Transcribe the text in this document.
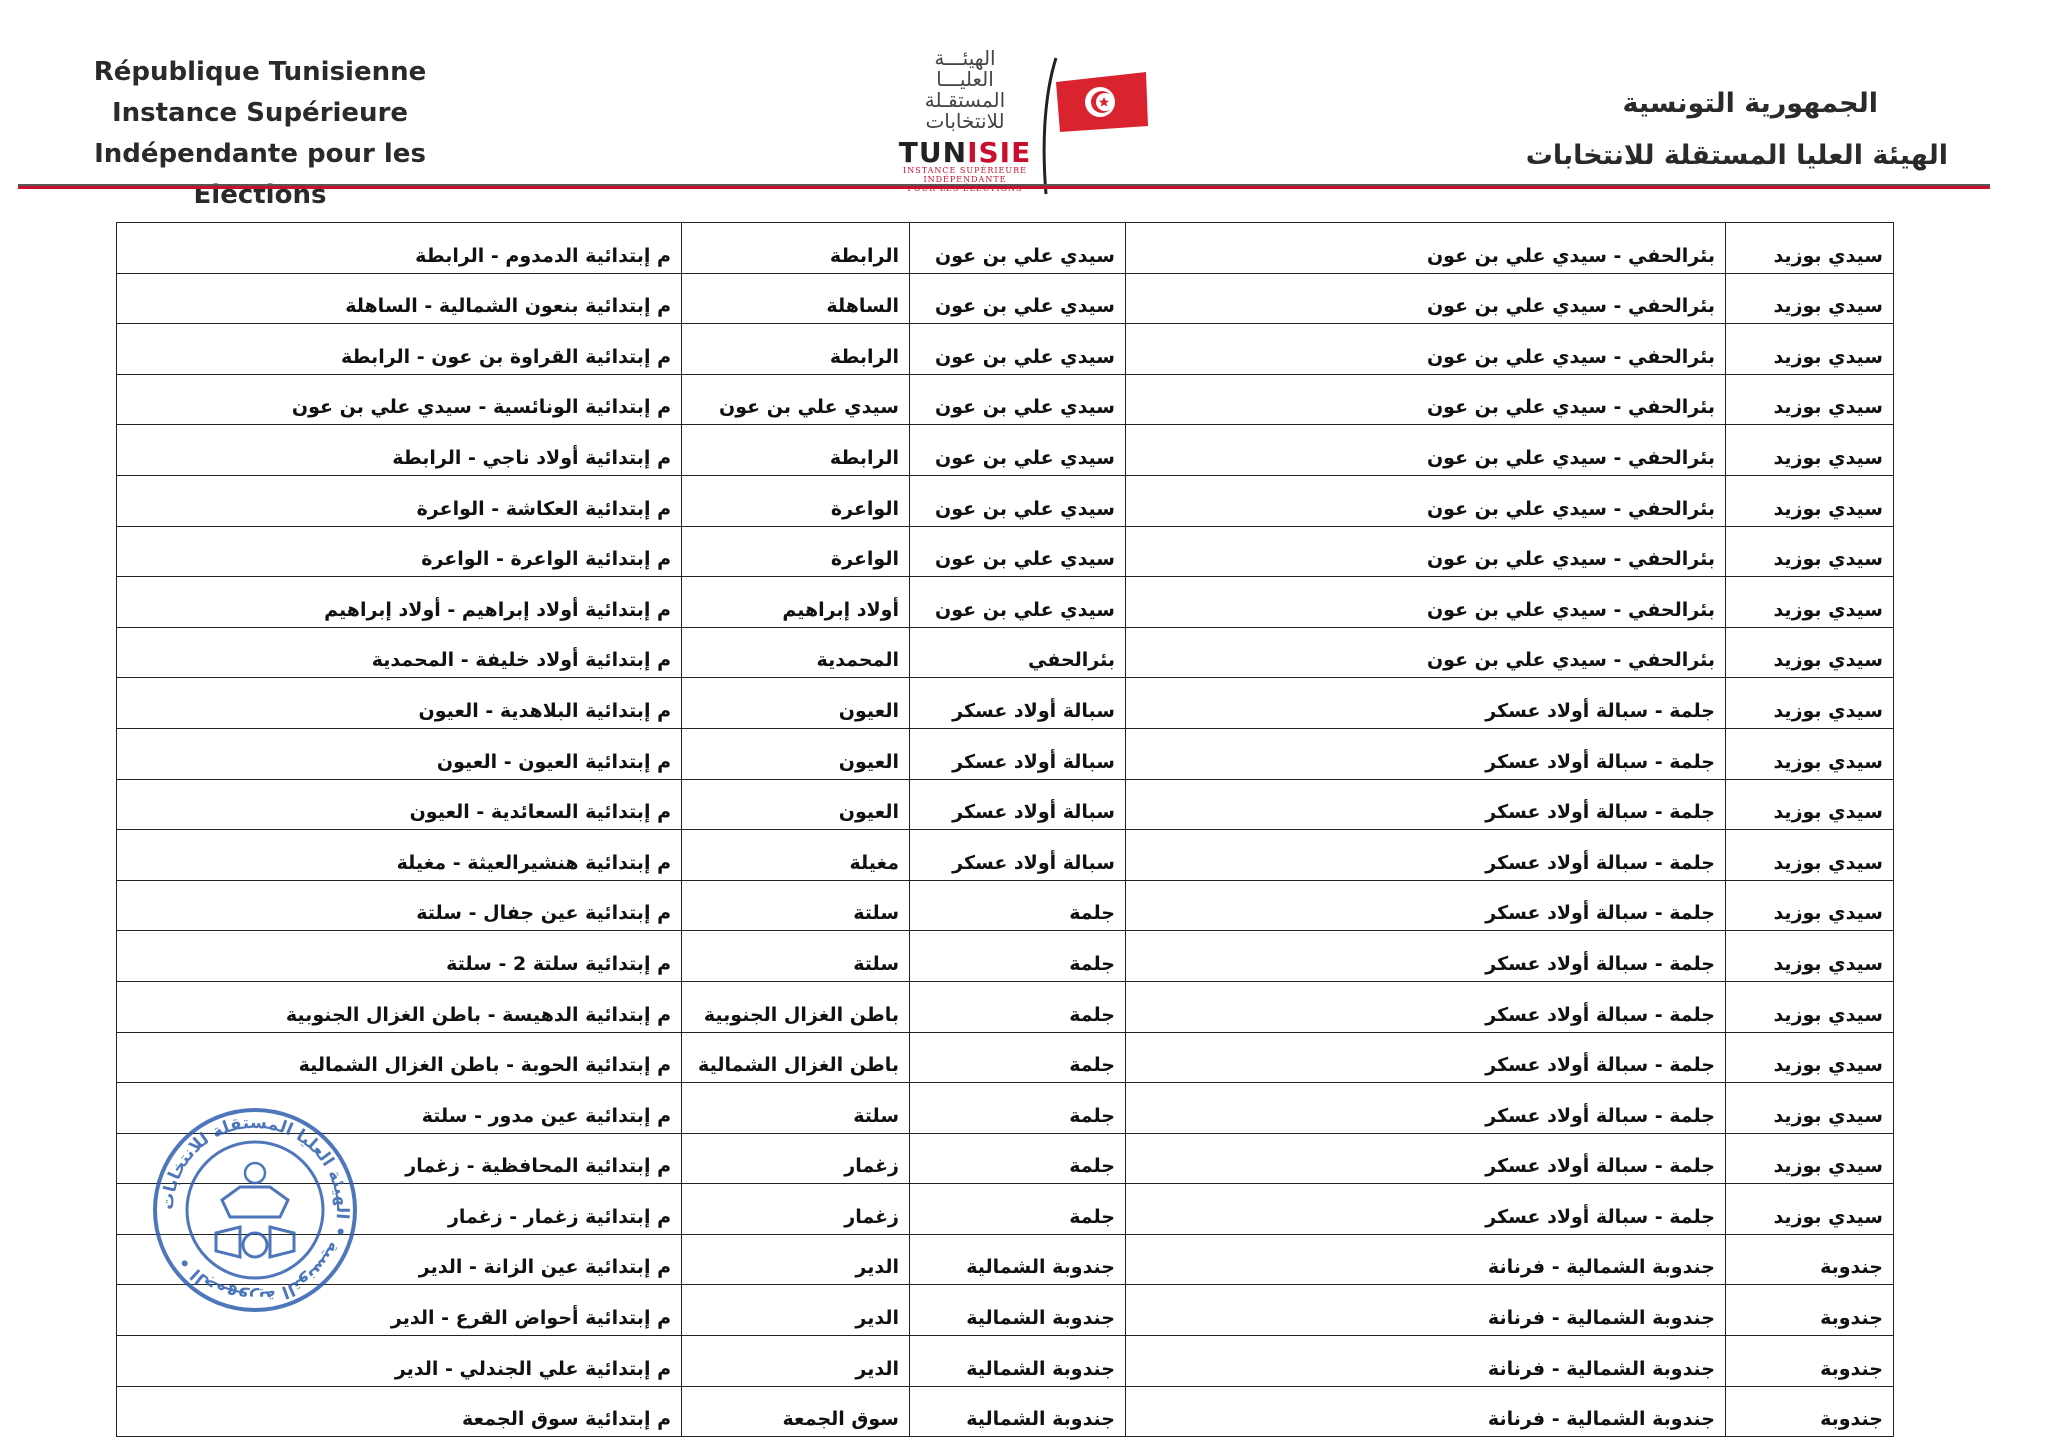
République Tunisienne
Instance Supérieure
Indépendante pour les Elections
الهيئـــة
العليـــا
المستقـلة
للانتخابات
TUNISIE
INSTANCE SUPÉRIEURE
INDÉPENDANTE
POUR LES ÉLECTIONS
الجمهورية التونسية
الهيئة العليا المستقلة للانتخابات
سيدي بوزيد	بئرالحفي - سيدي علي بن عون	سيدي علي بن عون	الرابطة	م إبتدائية الدمدوم - الرابطة
سيدي بوزيد	بئرالحفي - سيدي علي بن عون	سيدي علي بن عون	الساهلة	م إبتدائية بنعون الشمالية - الساهلة
سيدي بوزيد	بئرالحفي - سيدي علي بن عون	سيدي علي بن عون	الرابطة	م إبتدائية القراوة بن عون - الرابطة
سيدي بوزيد	بئرالحفي - سيدي علي بن عون	سيدي علي بن عون	سيدي علي بن عون	م إبتدائية الونائسية - سيدي علي بن عون
سيدي بوزيد	بئرالحفي - سيدي علي بن عون	سيدي علي بن عون	الرابطة	م إبتدائية أولاد ناجي - الرابطة
سيدي بوزيد	بئرالحفي - سيدي علي بن عون	سيدي علي بن عون	الواعرة	م إبتدائية العكاشة - الواعرة
سيدي بوزيد	بئرالحفي - سيدي علي بن عون	سيدي علي بن عون	الواعرة	م إبتدائية الواعرة - الواعرة
سيدي بوزيد	بئرالحفي - سيدي علي بن عون	سيدي علي بن عون	أولاد إبراهيم	م إبتدائية أولاد إبراهيم - أولاد إبراهيم
سيدي بوزيد	بئرالحفي - سيدي علي بن عون	بئرالحفي	المحمدية	م إبتدائية أولاد خليفة - المحمدية
سيدي بوزيد	جلمة - سبالة أولاد عسكر	سبالة أولاد عسكر	العيون	م إبتدائية البلاهدية - العيون
سيدي بوزيد	جلمة - سبالة أولاد عسكر	سبالة أولاد عسكر	العيون	م إبتدائية العيون - العيون
سيدي بوزيد	جلمة - سبالة أولاد عسكر	سبالة أولاد عسكر	العيون	م إبتدائية السعائدية - العيون
سيدي بوزيد	جلمة - سبالة أولاد عسكر	سبالة أولاد عسكر	مغيلة	م إبتدائية هنشيرالعيثة - مغيلة
سيدي بوزيد	جلمة - سبالة أولاد عسكر	جلمة	سلتة	م إبتدائية عين جفال - سلتة
سيدي بوزيد	جلمة - سبالة أولاد عسكر	جلمة	سلتة	م إبتدائية سلتة 2 - سلتة
سيدي بوزيد	جلمة - سبالة أولاد عسكر	جلمة	باطن الغزال الجنوبية	م إبتدائية الدهيسة - باطن الغزال الجنوبية
سيدي بوزيد	جلمة - سبالة أولاد عسكر	جلمة	باطن الغزال الشمالية	م إبتدائية الحوبة - باطن الغزال الشمالية
سيدي بوزيد	جلمة - سبالة أولاد عسكر	جلمة	سلتة	م إبتدائية عين مدور - سلتة
سيدي بوزيد	جلمة - سبالة أولاد عسكر	جلمة	زغمار	م إبتدائية المحافظية - زغمار
سيدي بوزيد	جلمة - سبالة أولاد عسكر	جلمة	زغمار	م إبتدائية زغمار - زغمار
جندوبة	جندوبة الشمالية - فرنانة	جندوبة الشمالية	الدير	م إبتدائية عين الزانة - الدير
جندوبة	جندوبة الشمالية - فرنانة	جندوبة الشمالية	الدير	م إبتدائية أحواض القرع - الدير
جندوبة	جندوبة الشمالية - فرنانة	جندوبة الشمالية	الدير	م إبتدائية علي الجندلي - الدير
جندوبة	جندوبة الشمالية - فرنانة	جندوبة الشمالية	سوق الجمعة	م إبتدائية سوق الجمعة
الجمهورية التونسية • الهيئة العليا المستقلة للانتخابات •
